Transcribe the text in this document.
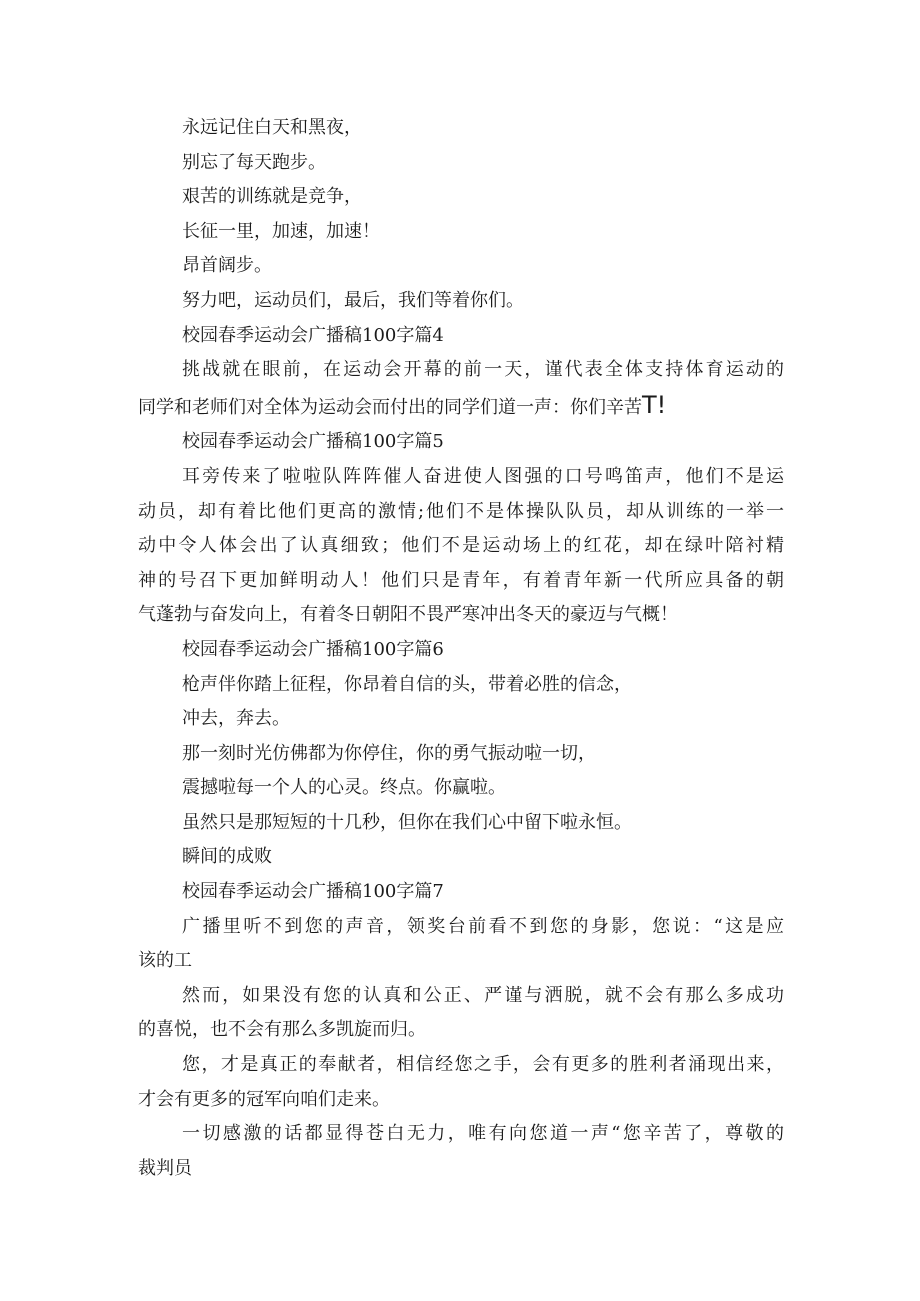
永远记住白天和黑夜，

别忘了每天跑步。

艰苦的训练就是竞争，

长征一里，加速，加速！

昂首阔步。

努力吧，运动员们，最后，我们等着你们。

校园春季运动会广播稿100字篇4

挑战就在眼前，在运动会开幕的前一天，谨代表全体支持体育运动的

同学和老师们对全体为运动会而付出的同学们道一声：你们辛苦T!

校园春季运动会广播稿100字篇5

耳旁传来了啦啦队阵阵催人奋进使人图强的口号鸣笛声，他们不是运

动员，却有着比他们更高的激情;他们不是体操队队员，却从训练的一举一

动中令人体会出了认真细致；他们不是运动场上的红花，却在绿叶陪衬精

神的号召下更加鲜明动人！他们只是青年，有着青年新一代所应具备的朝

气蓬勃与奋发向上，有着冬日朝阳不畏严寒冲出冬天的豪迈与气概！

校园春季运动会广播稿100字篇6

枪声伴你踏上征程，你昂着自信的头，带着必胜的信念，

冲去，奔去。

那一刻时光仿佛都为你停住，你的勇气振动啦一切，

震撼啦每一个人的心灵。终点。你赢啦。

虽然只是那短短的十几秒，但你在我们心中留下啦永恒。

瞬间的成败

校园春季运动会广播稿100字篇7

广播里听不到您的声音，领奖台前看不到您的身影，您说：“这是应

该的工

然而，如果没有您的认真和公正、严谨与洒脱，就不会有那么多成功

的喜悦，也不会有那么多凯旋而归。

您，才是真正的奉献者，相信经您之手，会有更多的胜利者涌现出来，

才会有更多的冠军向咱们走来。

一切感激的话都显得苍白无力，唯有向您道一声“您辛苦了，尊敬的

裁判员
